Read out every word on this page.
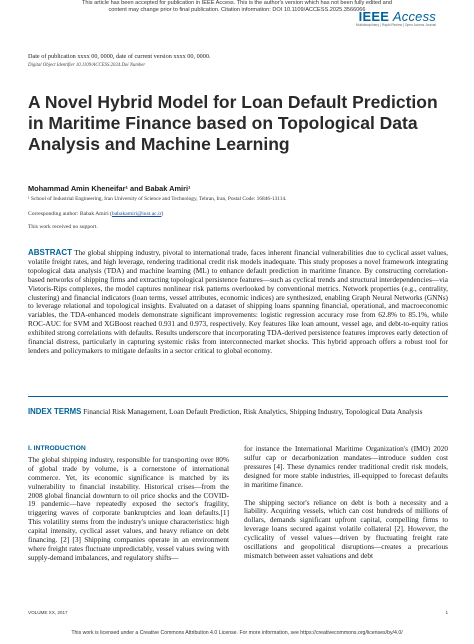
This article has been accepted for publication in IEEE Access. This is the author's version which has not been fully edited and
content may change prior to final publication. Citation information: DOI 10.1109/ACCESS.2025.3566066
IEEE Access
Multidisciplinary | Rapid Review | Open Access Journal
Date of publication xxxx 00, 0000, date of current version xxxx 00, 0000.
Digital Object Identifier 10.1109/ACCESS.2024.Doi Number
A Novel Hybrid Model for Loan Default Prediction in Maritime Finance based on Topological Data Analysis and Machine Learning
Mohammad Amin Kheneifar¹ and Babak Amiri¹
¹ School of Industrial Engineering, Iran University of Science and Technology, Tehran, Iran, Postal Code: 16846-13114.
Corresponding author: Babak Amiri (babakamiri@iust.ac.ir)
This work received no support.
ABSTRACT The global shipping industry, pivotal to international trade, faces inherent financial vulnerabilities due to cyclical asset values, volatile freight rates, and high leverage, rendering traditional credit risk models inadequate. This study proposes a novel framework integrating topological data analysis (TDA) and machine learning (ML) to enhance default prediction in maritime finance. By constructing correlation-based networks of shipping firms and extracting topological persistence features—such as cyclical trends and structural interdependencies—via Vietoris-Rips complexes, the model captures nonlinear risk patterns overlooked by conventional metrics. Network properties (e.g., centrality, clustering) and financial indicators (loan terms, vessel attributes, economic indices) are synthesized, enabling Graph Neural Networks (GNNs) to leverage relational and topological insights. Evaluated on a dataset of shipping loans spanning financial, operational, and macroeconomic variables, the TDA-enhanced models demonstrate significant improvements: logistic regression accuracy rose from 62.8% to 85.1%, while ROC-AUC for SVM and XGBoost reached 0.931 and 0.973, respectively. Key features like loan amount, vessel age, and debt-to-equity ratios exhibited strong correlations with defaults. Results underscore that incorporating TDA-derived persistence features improves early detection of financial distress, particularly in capturing systemic risks from interconnected market shocks. This hybrid approach offers a robust tool for lenders and policymakers to mitigate defaults in a sector critical to global economy.
INDEX TERMS Financial Risk Management, Loan Default Prediction, Risk Analytics, Shipping Industry, Topological Data Analysis
I. INTRODUCTION

The global shipping industry, responsible for transporting over 80% of global trade by volume, is a cornerstone of international commerce. Yet, its economic significance is matched by its vulnerability to financial instability. Historical crises—from the 2008 global financial downturn to oil price shocks and the COVID-19 pandemic—have repeatedly exposed the sector's fragility, triggering waves of corporate bankruptcies and loan defaults.[1] This volatility stems from the industry's unique characteristics: high capital intensity, cyclical asset values, and heavy reliance on debt financing. [2] [3] Shipping companies operate in an environment where freight rates fluctuate unpredictably, vessel values swing with supply-demand imbalances, and regulatory shifts—

for instance the International Maritime Organization's (IMO) 2020 sulfur cap or decarbonization mandates—introduce sudden cost pressures [4]. These dynamics render traditional credit risk models, designed for more stable industries, ill-equipped to forecast defaults in maritime finance.

The shipping sector's reliance on debt is both a necessity and a liability. Acquiring vessels, which can cost hundreds of millions of dollars, demands significant upfront capital, compelling firms to leverage loans secured against volatile collateral [2]. However, the cyclicality of vessel values—driven by fluctuating freight rate oscillations and geopolitical disruptions—creates a precarious mismatch between asset valuations and debt

VOLUME XX, 2017	1
This work is licensed under a Creative Commons Attribution 4.0 License. For more information, see https://creativecommons.org/licenses/by/4.0/
